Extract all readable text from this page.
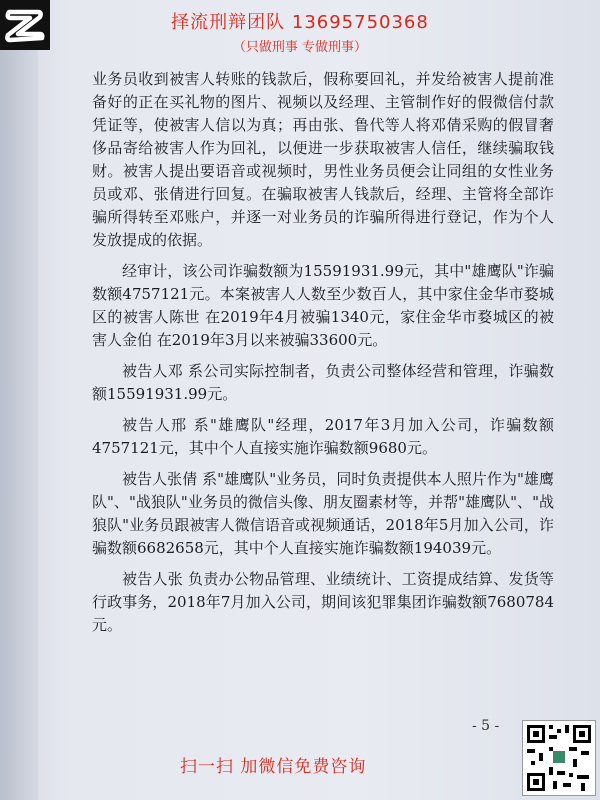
择流刑辩团队 13695750368
（只做刑事 专做刑事）

业务员收到被害人转账的钱款后，假称要回礼，并发给被害人提前准备好的正在买礼物的图片、视频以及经理、主管制作好的假微信付款凭证等，使被害人信以为真；再由张、鲁代等人将邓倩采购的假冒奢侈品寄给被害人作为回礼，以便进一步获取被害人信任，继续骗取钱财。被害人提出要语音或视频时，男性业务员便会让同组的女性业务员或邓、张倩进行回复。在骗取被害人钱款后，经理、主管将全部诈骗所得转至邓账户，并逐一对业务员的诈骗所得进行登记，作为个人发放提成的依据。

经审计，该公司诈骗数额为15591931.99元，其中"雄鹰队"诈骗数额4757121元。本案被害人人数至少数百人，其中家住金华市婺城区的被害人陈世 在2019年4月被骗1340元，家住金华市婺城区的被害人金伯 在2019年3月以来被骗33600元。

被告人邓 系公司实际控制者，负责公司整体经营和管理，诈骗数额15591931.99元。

被告人邢 系"雄鹰队"经理，2017年3月加入公司，诈骗数额4757121元，其中个人直接实施诈骗数额9680元。

被告人张倩 系"雄鹰队"业务员，同时负责提供本人照片作为"雄鹰队"、"战狼队"业务员的微信头像、朋友圈素材等，并帮"雄鹰队"、"战狼队"业务员跟被害人微信语音或视频通话，2018年5月加入公司，诈骗数额6682658元，其中个人直接实施诈骗数额194039元。

被告人张 负责办公物品管理、业绩统计、工资提成结算、发货等行政事务，2018年7月加入公司，期间该犯罪集团诈骗数额7680784元。

- 5 -
扫一扫 加微信免费咨询
